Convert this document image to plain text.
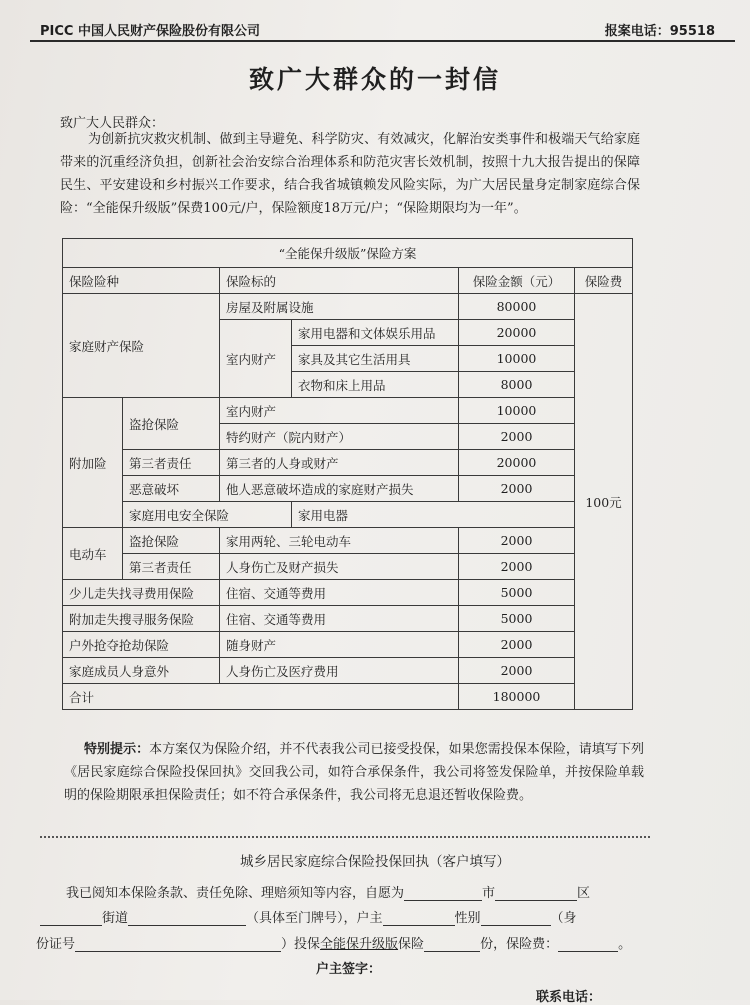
PICC 中国人民财产保险股份有限公司	报案电话：95518
致广大群众的一封信
致广大人民群众：
为创新抗灾救灾机制、做到主导避免、科学防灾、有效减灾，化解治安类事件和极端天气给家庭带来的沉重经济负担，创新社会治安综合治理体系和防范灾害长效机制，按照十九大报告提出的保障民生、平安建设和乡村振兴工作要求，结合我省城镇赖发风险实际，为广大居民量身定制家庭综合保险：“全能保升级版”保费100元/户，保险额度18万元/户；“保险期限均为一年”。
“全能保升级版”保险方案						
保险险种		保险标的		保险金额（元）	保险费	
家庭财产保险		房屋及附属设施		80000	100元	
		室内财产	家用电器和文体娱乐用品	20000		
			家具及其它生活用具	10000		
			衣物和床上用品	8000		
附加险	盗抢保险	室内财产		10000		
		特约财产（院内财产）		2000		
	第三者责任	第三者的人身或财产		20000		
	恶意破坏	他人恶意破坏造成的家庭财产损失		2000		
	家庭用电安全保险		家用电器	
电动车	盗抢保险	家用两轮、三轮电动车		2000		
	第三者责任	人身伤亡及财产损失		2000		
少儿走失找寻费用保险		住宿、交通等费用		5000		
附加走失搜寻服务保险		住宿、交通等费用		5000		
户外抢夺抢劫保险		随身财产		2000		
家庭成员人身意外		人身伤亡及医疗费用		2000		
合计				180000		
特别提示：本方案仅为保险介绍，并不代表我公司已接受投保，如果您需投保本保险，请填写下列《居民家庭综合保险投保回执》交回我公司，如符合承保条件，我公司将签发保险单，并按保险单载明的保险期限承担保险责任；如不符合承保条件，我公司将无息退还暂收保险费。
城乡居民家庭综合保险投保回执（客户填写）
我已阅知本保险条款、责任免除、理赔须知等内容，自愿为	市	区
街道	（具体至门牌号），户主	性别	（身
份证号	）投保全能保升级版保险	份，保险费：	。
户主签字：
联系电话：
